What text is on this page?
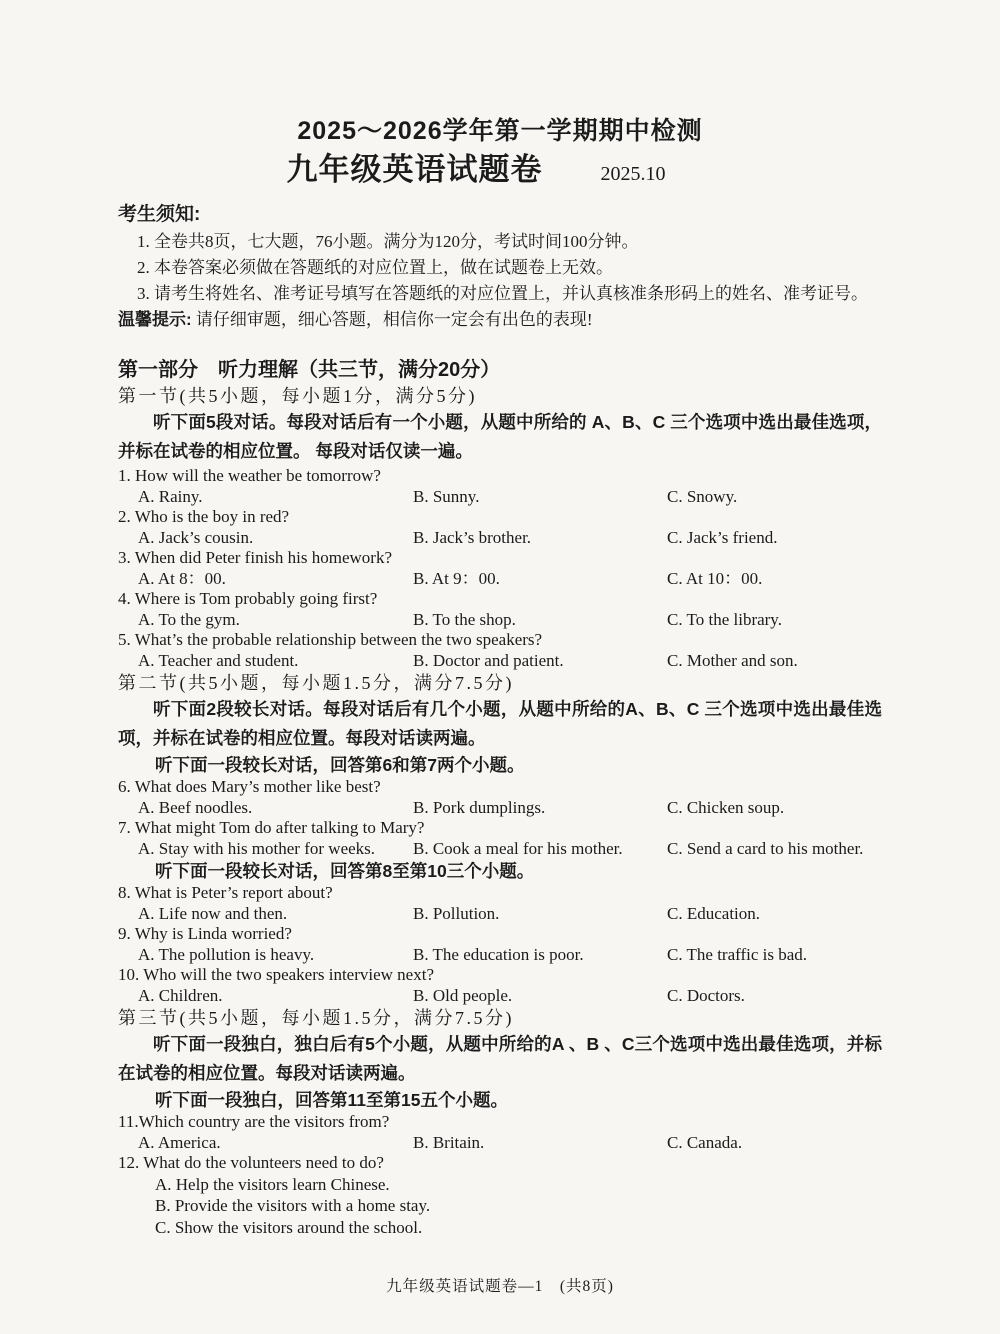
2025～2026学年第一学期期中检测
九年级英语试题卷	2025.10
考生须知:
1. 全卷共8页，七大题，76小题。满分为120分，考试时间100分钟。
2. 本卷答案必须做在答题纸的对应位置上，做在试题卷上无效。
3. 请考生将姓名、准考证号填写在答题纸的对应位置上，并认真核准条形码上的姓名、准考证号。
温馨提示: 请仔细审题，细心答题，相信你一定会有出色的表现!
第一部分　听力理解（共三节，满分20分）
第一节(共5小题，每小题1分，满分5分)
听下面5段对话。每段对话后有一个小题，从题中所给的 A、B、C 三个选项中选出最佳选项，并标在试卷的相应位置。 每段对话仅读一遍。
1. How will the weather be tomorrow?
A. Rainy.	B. Sunny.	C. Snowy.
2. Who is the boy in red?
A. Jack’s cousin.	B. Jack’s brother.	C. Jack’s friend.
3. When did Peter finish his homework?
A. At 8：00.	B. At 9：00.	C. At 10：00.
4. Where is Tom probably going first?
A. To the gym.	B. To the shop.	C. To the library.
5. What’s the probable relationship between the two speakers?
A. Teacher and student.	B. Doctor and patient.	C. Mother and son.
第二节(共5小题，每小题1.5分，满分7.5分)
听下面2段较长对话。每段对话后有几个小题，从题中所给的A、B、C 三个选项中选出最佳选项，并标在试卷的相应位置。每段对话读两遍。
听下面一段较长对话，回答第6和第7两个小题。
6. What does Mary’s mother like best?
A. Beef noodles.	B. Pork dumplings.	C. Chicken soup.
7. What might Tom do after talking to Mary?
A. Stay with his mother for weeks.	B. Cook a meal for his mother.	C. Send a card to his mother.
听下面一段较长对话，回答第8至第10三个小题。
8. What is Peter’s report about?
A. Life now and then.	B. Pollution.	C. Education.
9. Why is Linda worried?
A. The pollution is heavy.	B. The education is poor.	C. The traffic is bad.
10. Who will the two speakers interview next?
A. Children.	B. Old people.	C. Doctors.
第三节(共5小题，每小题1.5分，满分7.5分)
听下面一段独白，独白后有5个小题，从题中所给的A 、B 、C三个选项中选出最佳选项，并标在试卷的相应位置。每段对话读两遍。
听下面一段独白，回答第11至第15五个小题。
11.Which country are the visitors from?
A. America.	B. Britain.	C. Canada.
12. What do the volunteers need to do?
A. Help the visitors learn Chinese.
B. Provide the visitors with a home stay.
C. Show the visitors around the school.
九年级英语试题卷—1　(共8页)
